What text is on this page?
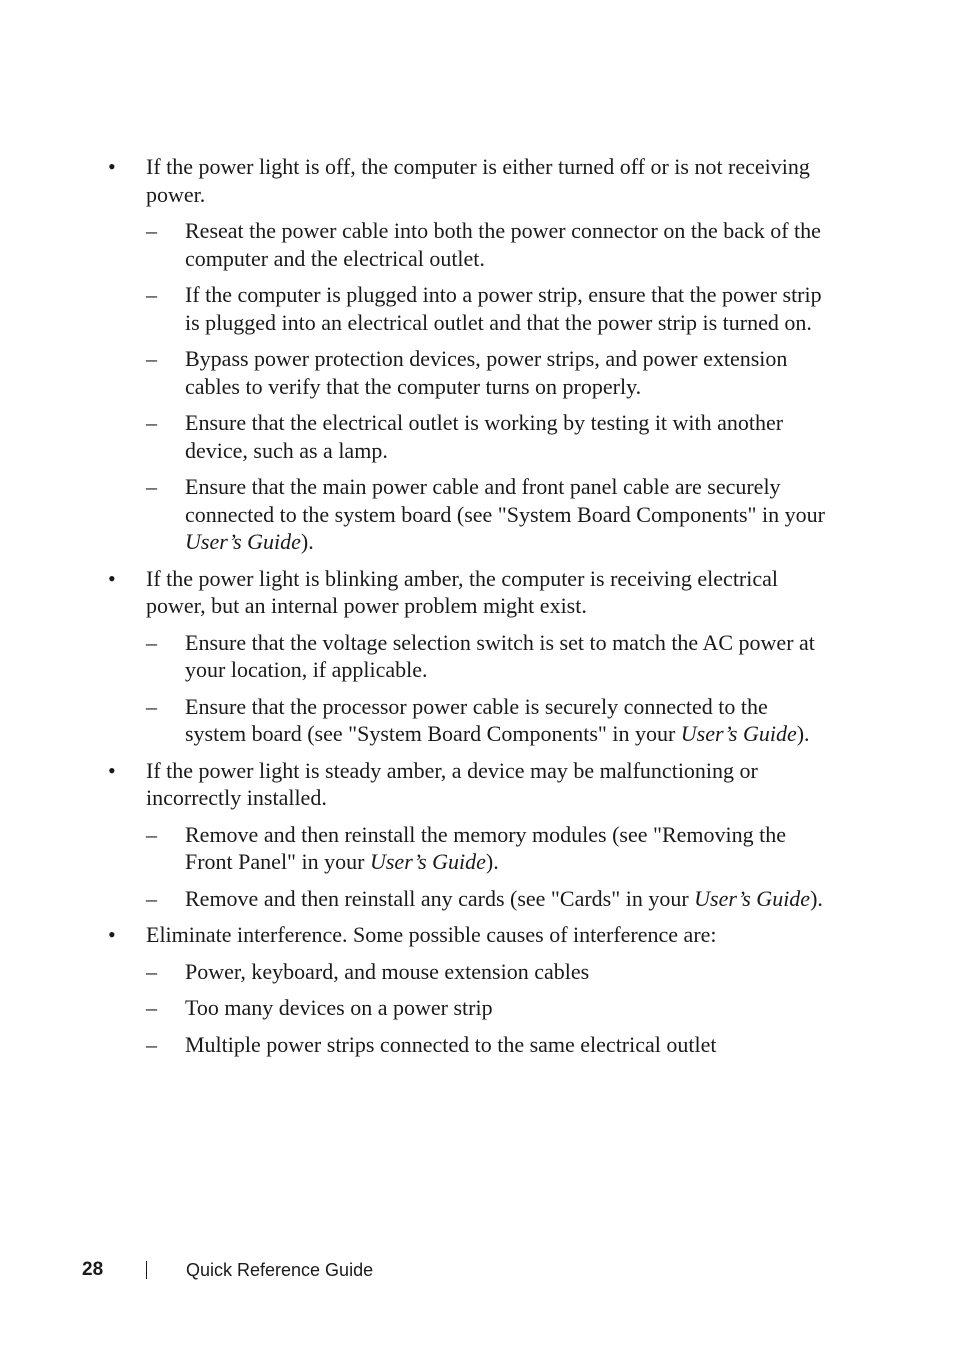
• If the power light is off, the computer is either turned off or is not receiving power.
– Reseat the power cable into both the power connector on the back of the computer and the electrical outlet.
– If the computer is plugged into a power strip, ensure that the power strip is plugged into an electrical outlet and that the power strip is turned on.
– Bypass power protection devices, power strips, and power extension cables to verify that the computer turns on properly.
– Ensure that the electrical outlet is working by testing it with another device, such as a lamp.
– Ensure that the main power cable and front panel cable are securely connected to the system board (see "System Board Components" in your User’s Guide).
• If the power light is blinking amber, the computer is receiving electrical power, but an internal power problem might exist.
– Ensure that the voltage selection switch is set to match the AC power at your location, if applicable.
– Ensure that the processor power cable is securely connected to the system board (see "System Board Components" in your User’s Guide).
• If the power light is steady amber, a device may be malfunctioning or incorrectly installed.
– Remove and then reinstall the memory modules (see "Removing the Front Panel" in your User’s Guide).
– Remove and then reinstall any cards (see "Cards" in your User’s Guide).
• Eliminate interference. Some possible causes of interference are:
– Power, keyboard, and mouse extension cables
– Too many devices on a power strip
– Multiple power strips connected to the same electrical outlet
28	Quick Reference Guide
